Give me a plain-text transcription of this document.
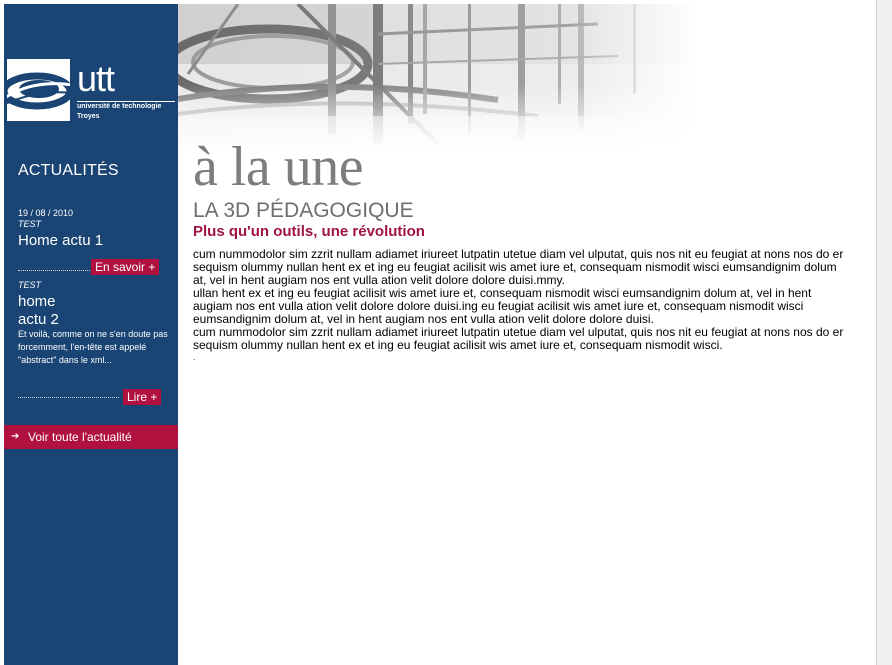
utt
université de technologie
Troyes
ACTUALITÉS
19 / 08 / 2010
TEST
Home actu 1
En savoir +
TEST
home
actu 2
Et voilà, comme on ne s'en doute pas forcemment, l'en-tête est appelé "abstract" dans le xml...
Lire +
➔ Voir toute l'actualité
à la une
LA 3D PÉDAGOGIQUE
Plus qu'un outils, une révolution

cum nummodolor sim zzrit nullam adiamet iriureet lutpatin utetue diam vel ulputat, quis nos nit eu feugiat at nons nos do er sequism olummy nullan hent ex et ing eu feugiat acilisit wis amet iure et, consequam nismodit wisci eumsandignim dolum at, vel in hent augiam nos ent vulla ation velit dolore dolore duisi.mmy.

ullan hent ex et ing eu feugiat acilisit wis amet iure et, consequam nismodit wisci eumsandignim dolum at, vel in hent augiam nos ent vulla ation velit dolore dolore duisi.ing eu feugiat acilisit wis amet iure et, consequam nismodit wisci eumsandignim dolum at, vel in hent augiam nos ent vulla ation velit dolore dolore duisi.

cum nummodolor sim zzrit nullam adiamet iriureet lutpatin utetue diam vel ulputat, quis nos nit eu feugiat at nons nos do er sequism olummy nullan hent ex et ing eu feugiat acilisit wis amet iure et, consequam nismodit wisci.

.
